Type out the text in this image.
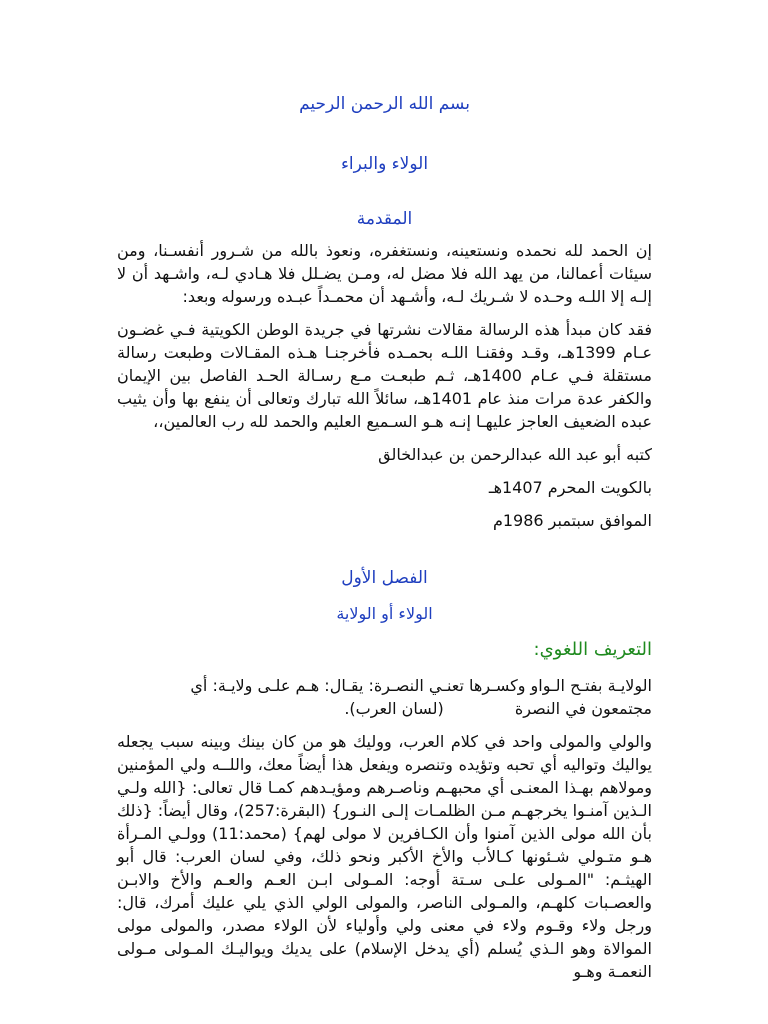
بسم الله الرحمن الرحيم
الولاء والبراء
المقدمة

إن الحمد لله نحمده ونستعينه، ونستغفره، ونعوذ بالله من شـرور أنفسـنا، ومن سيئات أعمالنا، من يهد الله فلا مضل له، ومـن يضـلل فلا هـادي لـه، واشـهد أن لا إلـه إلا اللـه وحـده لا شـريك لـه، وأشـهد أن محمـداً عبـده ورسوله وبعد:

فقد كان مبدأ هذه الرسالة مقالات نشرتها في جريدة الوطن الكويتية فـي غضـون عـام 1399هـ، وقـد وفقنـا اللـه بحمـده فأخرجنـا هـذه المقـالات وطبعت رسالة مستقلة فـي عـام 1400هـ، ثـم طبعـت مـع رسـالة الحـد الفاصل بين الإيمان والكفر عدة مرات منذ عام 1401هـ، سائلاً الله تبارك وتعالى أن ينفع بها وأن يثيب عبده الضعيف العاجز عليهـا إنـه هـو السـميع العليم والحمد لله رب العالمين،،

كتبه أبو عبد الله عبدالرحمن بن عبدالخالق

بالكويت المحرم 1407هـ

الموافق سبتمبر 1986م

الفصل الأول
الولاء أو الولاية
التعريف اللغوي:

الولايـة بفتـح الـواو وكسـرها تعنـي النصـرة: يقـال: هـم علـى ولايـة: أي
مجتمعون في النصرة              (لسان العرب).

والولي والمولى واحد في كلام العرب، ووليك هو من كان بينك وبينه سبب يجعله يواليك وتواليه أي تحبه وتؤيده وتنصره ويفعل هذا أيضاً معك، واللــه ولي المؤمنين ومولاهم بهـذا المعنـى أي محبهـم وناصـرهم ومؤيـدهم كمـا قال تعالى: {الله ولـي الـذين آمنـوا يخرجهـم مـن الظلمـات إلـى النـور} (البقرة:257)، وقال أيضاً: {ذلك بأن الله مولى الذين آمنوا وأن الكـافرين لا مولى لهم} (محمد:11) وولـي المـرأة هـو متـولي شـئونها كـالأب والأخ الأكبر ونحو ذلك، وفي لسان العرب: قال أبو الهيثـم: "المـولى علـى سـتة أوجه: المـولى ابـن العـم والعـم والأخ والابـن والعصـبات كلهـم، والمـولى الناصر، والمولى الولي الذي يلي عليك أمرك، قال: ورجل ولاء وقـوم ولاء في معنى ولي وأولياء لأن الولاء مصدر، والمولى مولى الموالاة وهو الـذي يُسلم (أي يدخل الإسلام) على يديك ويواليـك المـولى مـولى النعمـة وهـو
